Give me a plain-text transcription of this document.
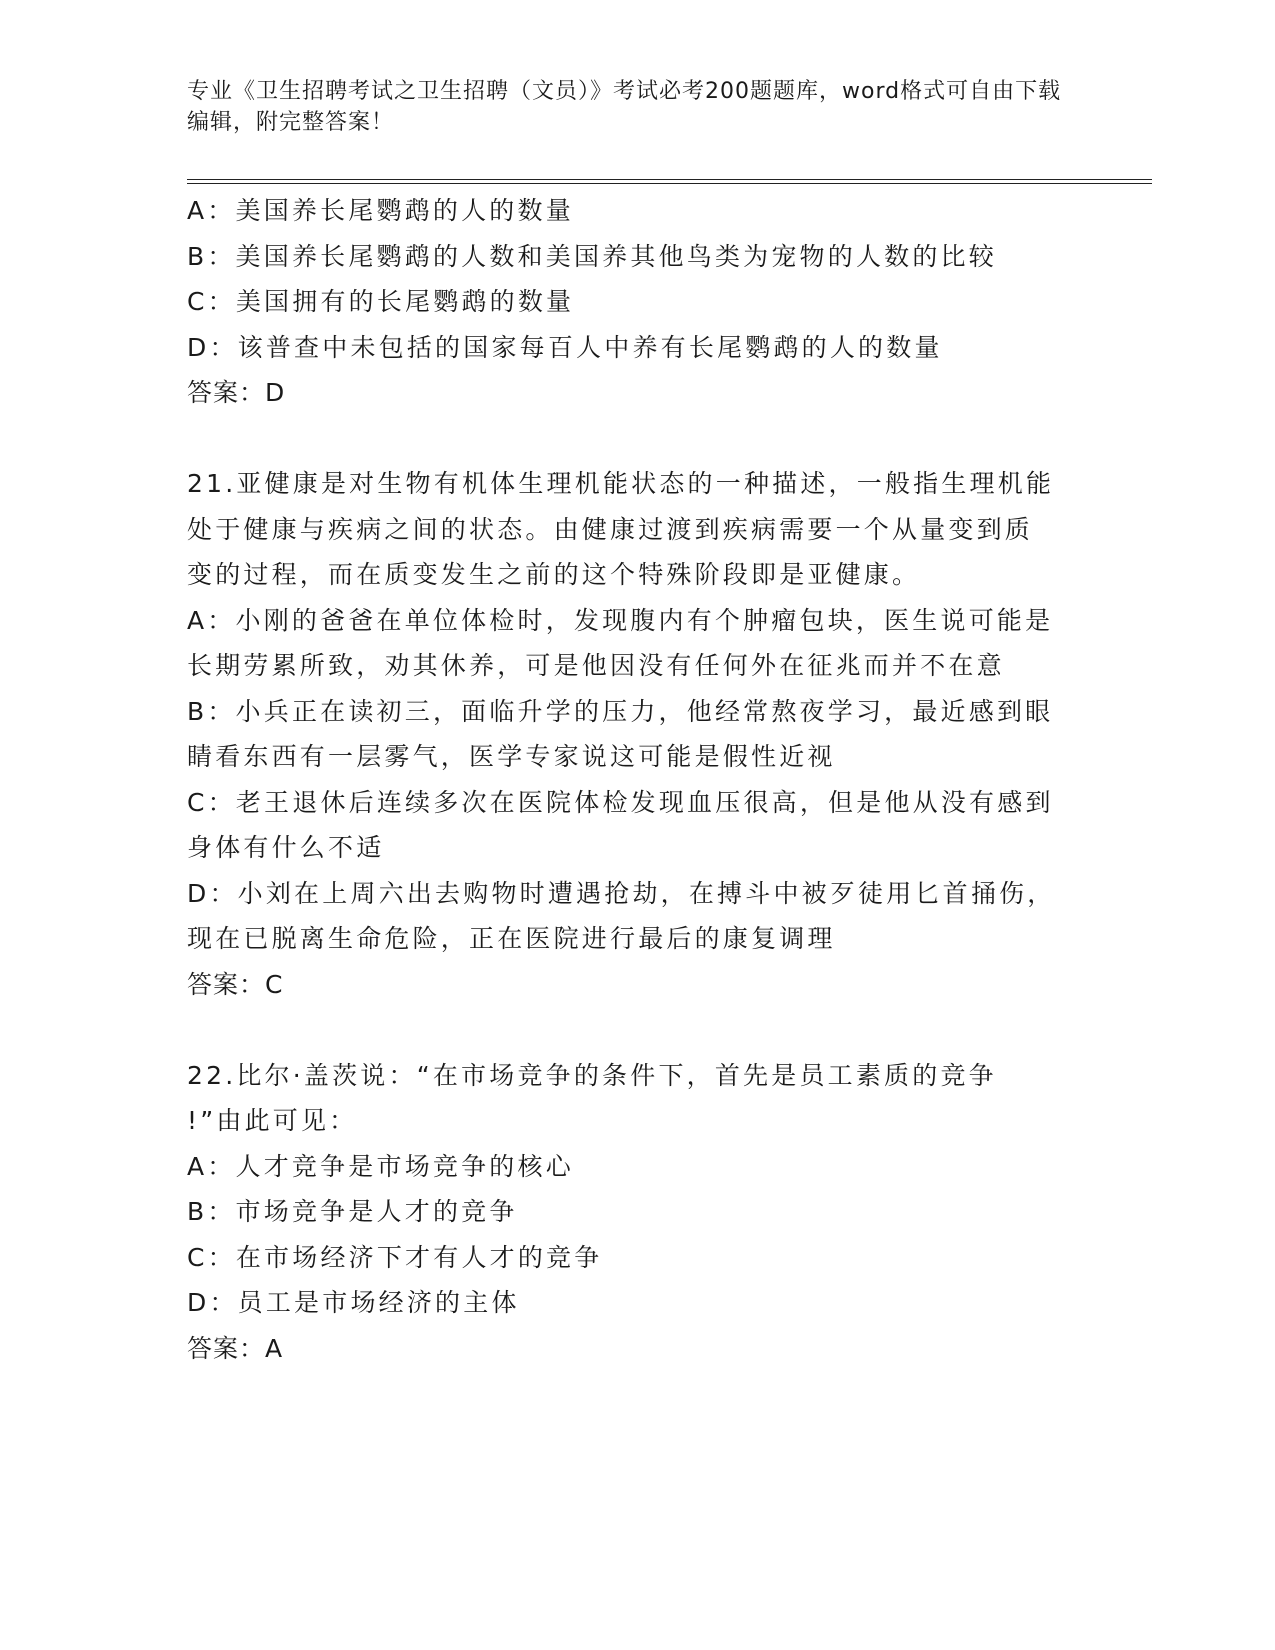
专业《卫生招聘考试之卫生招聘（文员）》考试必考200题题库，word格式可自由下载编辑，附完整答案！

A：美国养长尾鹦鹉的人的数量

B：美国养长尾鹦鹉的人数和美国养其他鸟类为宠物的人数的比较

C：美国拥有的长尾鹦鹉的数量

D：该普查中未包括的国家每百人中养有长尾鹦鹉的人的数量

答案：D

21.亚健康是对生物有机体生理机能状态的一种描述，一般指生理机能

处于健康与疾病之间的状态。由健康过渡到疾病需要一个从量变到质

变的过程，而在质变发生之前的这个特殊阶段即是亚健康。

A：小刚的爸爸在单位体检时，发现腹内有个肿瘤包块，医生说可能是

长期劳累所致，劝其休养，可是他因没有任何外在征兆而并不在意

B：小兵正在读初三，面临升学的压力，他经常熬夜学习，最近感到眼

睛看东西有一层雾气，医学专家说这可能是假性近视

C：老王退休后连续多次在医院体检发现血压很高，但是他从没有感到

身体有什么不适

D：小刘在上周六出去购物时遭遇抢劫，在搏斗中被歹徒用匕首捅伤，

现在已脱离生命危险，正在医院进行最后的康复调理

答案：C

22.比尔·盖茨说：“在市场竞争的条件下，首先是员工素质的竞争

!”由此可见：

A：人才竞争是市场竞争的核心

B：市场竞争是人才的竞争

C：在市场经济下才有人才的竞争

D：员工是市场经济的主体

答案：A
